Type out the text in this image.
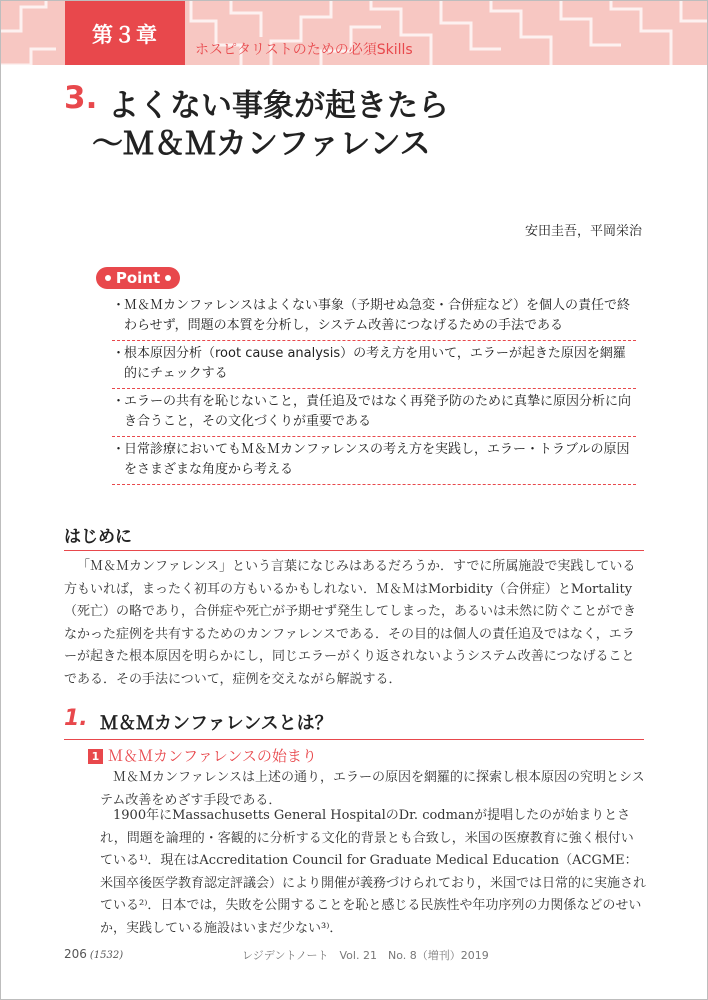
第３章
ホスピタリストのための必須Skills
3. よくない事象が起きたら
〜Ｍ＆Ｍカンファレンス
安田圭吾，平岡栄治
Point
・
Ｍ＆Ｍカンファレンスはよくない事象（予期せぬ急変・合併症など）を個人の責任で終わらせず，問題の本質を分析し，システム改善につなげるための手法である
・
根本原因分析（root cause analysis）の考え方を用いて，エラーが起きた原因を網羅的にチェックする
・
エラーの共有を恥じないこと，責任追及ではなく再発予防のために真摯に原因分析に向き合うこと，その文化づくりが重要である
・
日常診療においてもＭ＆Ｍカンファレンスの考え方を実践し，エラー・トラブルの原因をさまざまな角度から考える
はじめに
「Ｍ＆Ｍカンファレンス」という言葉になじみはあるだろうか．すでに所属施設で実践している方もいれば，まったく初耳の方もいるかもしれない．Ｍ＆ＭはMorbidity（合併症）とMortality（死亡）の略であり，合併症や死亡が予期せず発生してしまった，あるいは未然に防ぐことができなかった症例を共有するためのカンファレンスである．その目的は個人の責任追及ではなく，エラーが起きた根本原因を明らかにし，同じエラーがくり返されないようシステム改善につなげることである．その手法について，症例を交えながら解説する．
1. Ｍ＆Ｍカンファレンスとは？
1 Ｍ＆Ｍカンファレンスの始まり
Ｍ＆Ｍカンファレンスは上述の通り，エラーの原因を網羅的に探索し根本原因の究明とシステム改善をめざす手段である．
1900年にMassachusetts General HospitalのDr. codmanが提唱したのが始まりとされ，問題を論理的・客観的に分析する文化的背景とも合致し，米国の医療教育に強く根付いている¹⁾．現在はAccreditation Council for Graduate Medical Education（ACGME：米国卒後医学教育認定評議会）により開催が義務づけられており，米国では日常的に実施されている²⁾．日本では，失敗を公開することを恥と感じる民族性や年功序列の力関係などのせいか，実践している施設はいまだ少ない³⁾．
206 (1532)	レジデントノート　Vol. 21　No. 8（増刊）2019
